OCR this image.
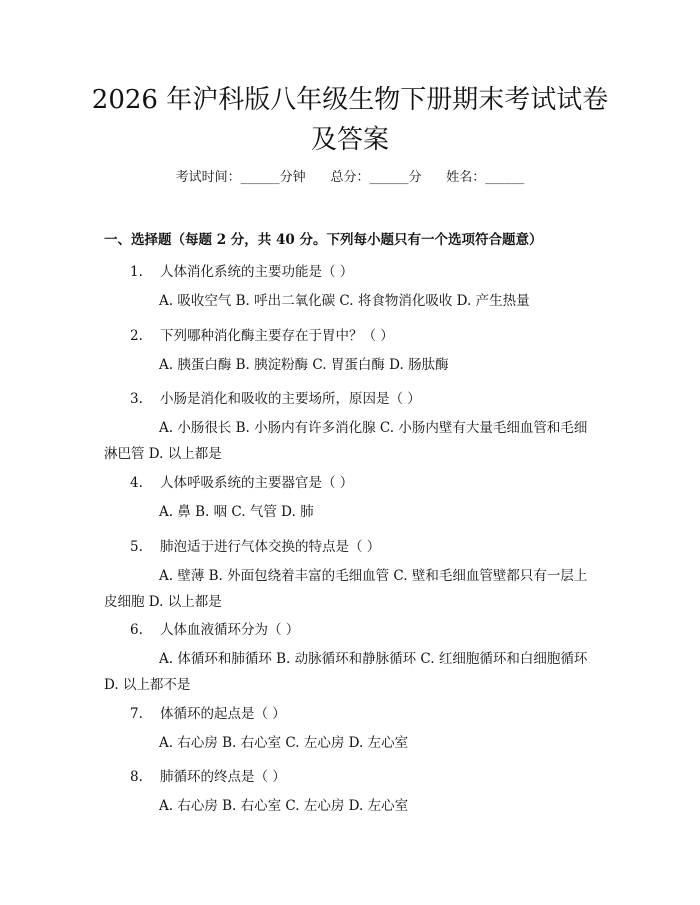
2026 年沪科版八年级生物下册期末考试试卷
及答案
考试时间：______分钟 总分：______分 姓名：______
一、选择题（每题 2 分，共 40 分。下列每小题只有一个选项符合题意）
1. 人体消化系统的主要功能是（ ）
A. 吸收空气 B. 呼出二氧化碳 C. 将食物消化吸收 D. 产生热量
2. 下列哪种消化酶主要存在于胃中？（ ）
A. 胰蛋白酶 B. 胰淀粉酶 C. 胃蛋白酶 D. 肠肽酶
3. 小肠是消化和吸收的主要场所，原因是（ ）
A. 小肠很长 B. 小肠内有许多消化腺 C. 小肠内壁有大量毛细血管和毛细淋巴管 D. 以上都是
4. 人体呼吸系统的主要器官是（ ）
A. 鼻 B. 咽 C. 气管 D. 肺
5. 肺泡适于进行气体交换的特点是（ ）
A. 壁薄 B. 外面包绕着丰富的毛细血管 C. 壁和毛细血管壁都只有一层上皮细胞 D. 以上都是
6. 人体血液循环分为（ ）
A. 体循环和肺循环 B. 动脉循环和静脉循环 C. 红细胞循环和白细胞循环 D. 以上都不是
7. 体循环的起点是（ ）
A. 右心房 B. 右心室 C. 左心房 D. 左心室
8. 肺循环的终点是（ ）
A. 右心房 B. 右心室 C. 左心房 D. 左心室
